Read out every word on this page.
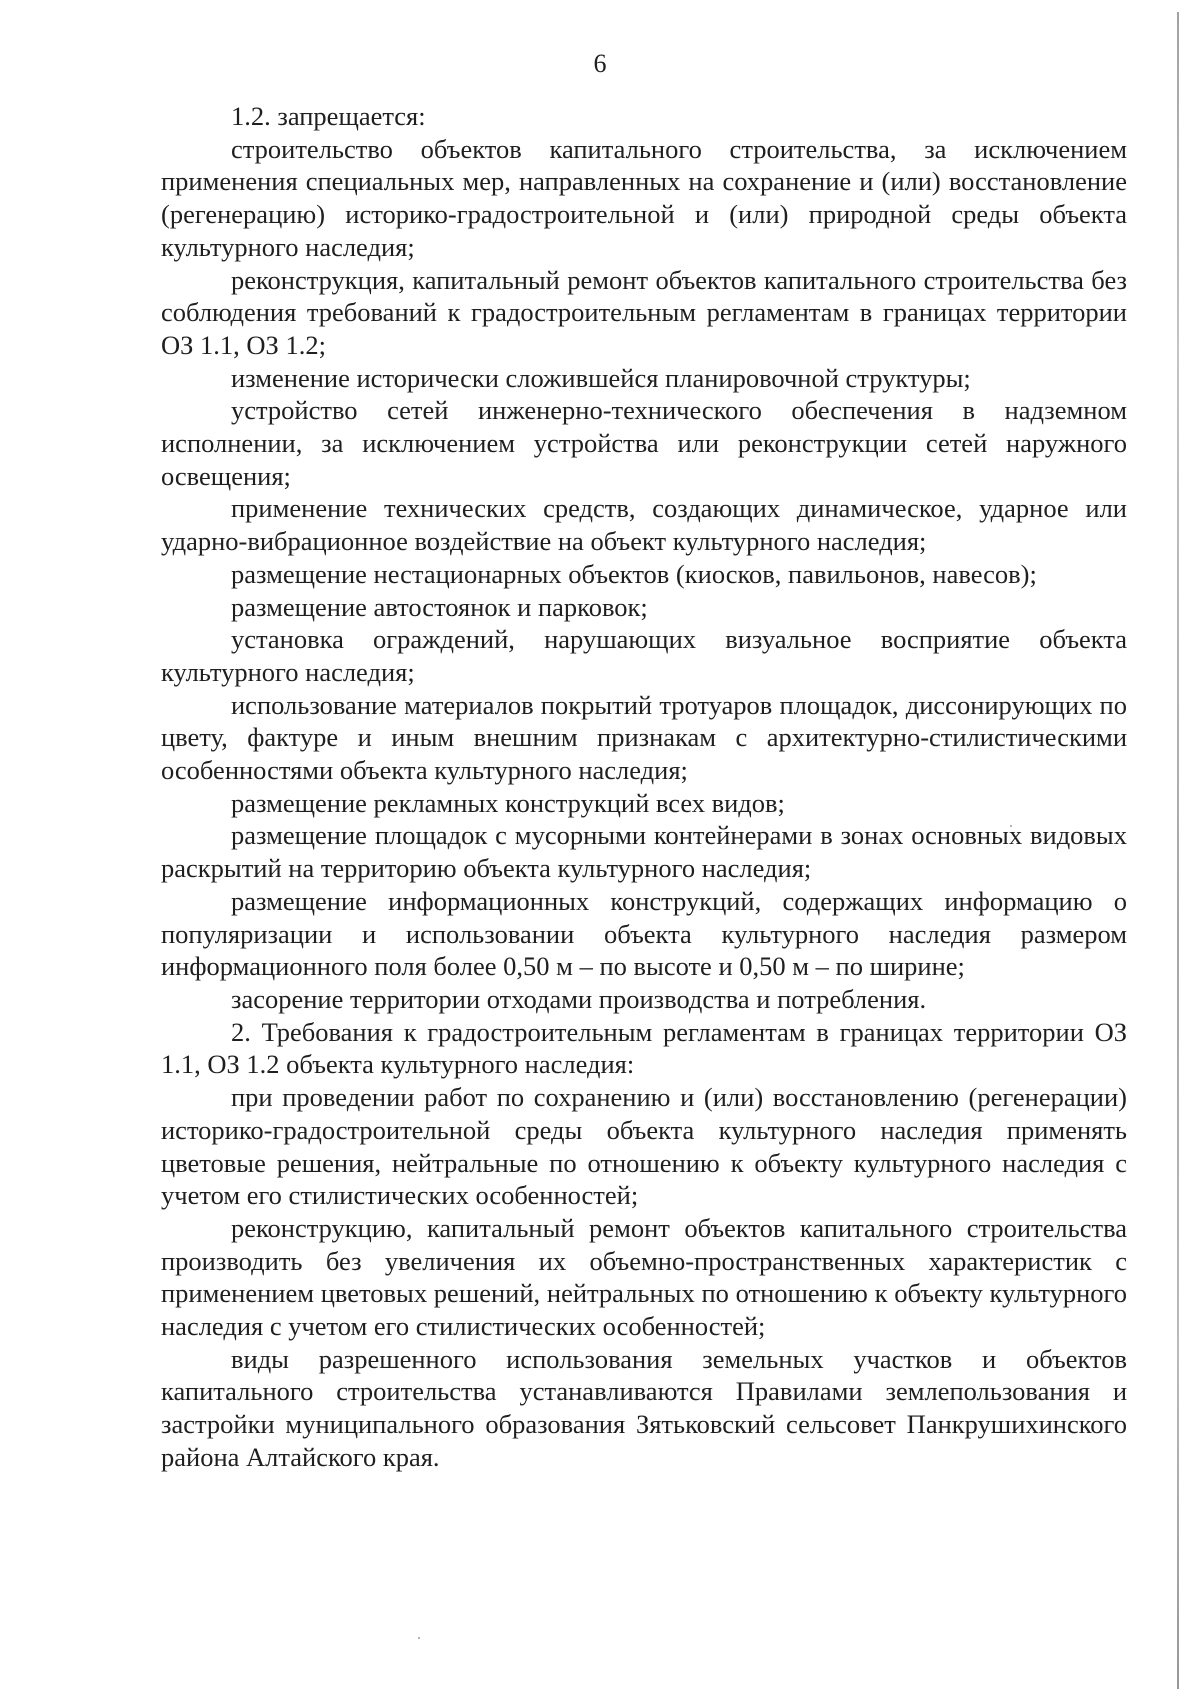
6

1.2. запрещается:

строительство объектов капитального строительства, за исключением применения специальных мер, направленных на сохранение и (или) восстановление (регенерацию) историко-градостроительной и (или) природной среды объекта культурного наследия;

реконструкция, капитальный ремонт объектов капитального строительства без соблюдения требований к градостроительным регламентам в границах территории ОЗ 1.1, ОЗ 1.2;

изменение исторически сложившейся планировочной структуры;

устройство сетей инженерно-технического обеспечения в надземном исполнении, за исключением устройства или реконструкции сетей наружного освещения;

применение технических средств, создающих динамическое, ударное или ударно-вибрационное воздействие на объект культурного наследия;

размещение нестационарных объектов (киосков, павильонов, навесов);

размещение автостоянок и парковок;

установка ограждений, нарушающих визуальное восприятие объекта культурного наследия;

использование материалов покрытий тротуаров площадок, диссонирующих по цвету, фактуре и иным внешним признакам с архитектурно-стилистическими особенностями объекта культурного наследия;

размещение рекламных конструкций всех видов;

размещение площадок с мусорными контейнерами в зонах основных видовых раскрытий на территорию объекта культурного наследия;

размещение информационных конструкций, содержащих информацию о популяризации и использовании объекта культурного наследия размером информационного поля более 0,50 м – по высоте и 0,50 м – по ширине;

засорение территории отходами производства и потребления.

2. Требования к градостроительным регламентам в границах территории ОЗ 1.1, ОЗ 1.2 объекта культурного наследия:

при проведении работ по сохранению и (или) восстановлению (регенерации) историко-градостроительной среды объекта культурного наследия применять цветовые решения, нейтральные по отношению к объекту культурного наследия с учетом его стилистических особенностей;

реконструкцию, капитальный ремонт объектов капитального строительства производить без увеличения их объемно-пространственных характеристик с применением цветовых решений, нейтральных по отношению к объекту культурного наследия с учетом его стилистических особенностей;

виды разрешенного использования земельных участков и объектов капитального строительства устанавливаются Правилами землепользования и застройки муниципального образования Зятьковский сельсовет Панкрушихинского района Алтайского края.
